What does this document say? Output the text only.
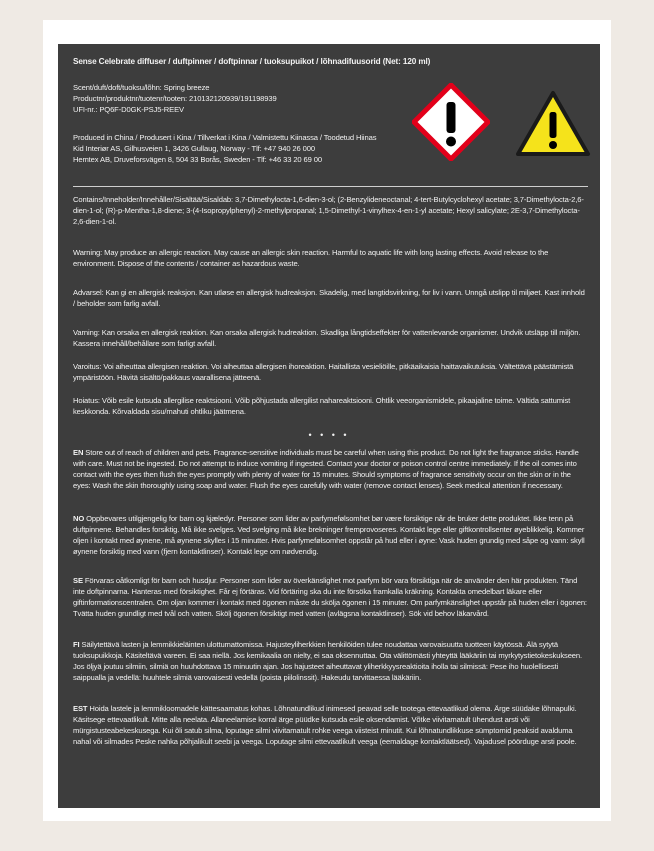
Sense Celebrate diffuser / duftpinner / doftpinnar / tuoksupuikot / lõhnadifuusorid (Net: 120 ml)

Scent/duft/doft/tuoksu/lõhn: Spring breeze
Productnr/produktnr/tuotenr/tooten: 210132120939/191198939
UFI-nr.: PQ6F-D0GK-PSJ5-REEV
Produced in China / Produsert i Kina / Tillverkat i Kina / Valmistettu Kiinassa / Toodetud Hiinas
Kid Interiør AS, Gilhusveien 1, 3426 Gullaug, Norway - Tlf: +47 940 26 000
Hemtex AB, Druveforsvägen 8, 504 33 Borås, Sweden - Tlf: +46 33 20 69 00

Contains/Inneholder/Innehåller/Sisältää/Sisaldab: 3,7-Dimethylocta-1,6-dien-3-ol; (2-Benzylideneoctanal; 4-tert-Butylcyclohexyl acetate; 3,7-Dimethylocta-2,6-dien-1-ol; (R)-p-Mentha-1,8-diene; 3-(4-Isopropylphenyl)-2-methylpropanal; 1,5-Dimethyl-1-vinylhex-4-en-1-yl acetate; Hexyl salicylate; 2E-3,7-Dimethylocta-2,6-dien-1-ol.

Warning: May produce an allergic reaction. May cause an allergic skin reaction. Harmful to aquatic life with long lasting effects. Avoid release to the environment. Dispose of the contents / container as hazardous waste.

Advarsel: Kan gi en allergisk reaksjon. Kan utløse en allergisk hudreaksjon. Skadelig, med langtidsvirkning, for liv i vann. Unngå utslipp til miljøet. Kast innhold / beholder som farlig avfall.

Varning: Kan orsaka en allergisk reaktion. Kan orsaka allergisk hudreaktion. Skadliga långtidseffekter för vattenlevande organismer. Undvik utsläpp till miljön. Kassera innehåll/behållare som farligt avfall.

Varoitus: Voi aiheuttaa allergisen reaktion. Voi aiheuttaa allergisen ihoreaktion. Haitallista vesieliöille, pitkäaikaisia haittavaikutuksia. Vältettävä päästämistä ympäristöön. Hävitä sisältö/pakkaus vaarallisena jätteenä.

Hoiatus: Võib esile kutsuda allergilise reaktsiooni. Võib põhjustada allergilist nahareaktsiooni. Ohtlik veeorganismidele, pikaajaline toime. Vältida sattumist keskkonda. Kõrvaldada sisu/mahuti ohtliku jäätmena.

• • • •

EN Store out of reach of children and pets. Fragrance-sensitive individuals must be careful when using this product. Do not light the fragrance sticks. Handle with care. Must not be ingested. Do not attempt to induce vomiting if ingested. Contact your doctor or poison control centre immediately. If the oil comes into contact with the eyes then flush the eyes promptly with plenty of water for 15 minutes. Should symptoms of fragrance sensitivity occur on the skin or in the eyes: Wash the skin thoroughly using soap and water. Flush the eyes carefully with water (remove contact lenses). Seek medical attention if necessary.

NO Oppbevares utilgjengelig for barn og kjæledyr. Personer som lider av parfymefølsomhet bør være forsiktige når de bruker dette produktet. Ikke tenn på duftpinnene. Behandles forsiktig. Må ikke svelges. Ved svelging må ikke brekninger fremprovoseres. Kontakt lege eller giftkontrollsenter øyeblikkelig. Kommer oljen i kontakt med øynene, må øynene skylles i 15 minutter. Hvis parfymefølsomhet oppstår på hud eller i øyne: Vask huden grundig med såpe og vann: skyll øynene forsiktig med vann (fjern kontaktlinser). Kontakt lege om nødvendig.

SE Förvaras oåtkomligt för barn och husdjur. Personer som lider av överkänslighet mot parfym bör vara försiktiga när de använder den här produkten. Tänd inte doftpinnarna. Hanteras med försiktighet. Får ej förtäras. Vid förtäring ska du inte försöka framkalla kräkning. Kontakta omedelbart läkare eller giftinformationscentralen. Om oljan kommer i kontakt med ögonen måste du skölja ögonen i 15 minuter. Om parfymkänslighet uppstår på huden eller i ögonen: Tvätta huden grundligt med tvål och vatten. Skölj ögonen försiktigt med vatten (avlägsna kontaktlinser). Sök vid behov läkarvård.

FI Säilytettävä lasten ja lemmikkieläinten ulottumattomissa. Hajusteyliherkkien henkilöiden tulee noudattaa varovaisuutta tuotteen käytössä. Älä sytytä tuoksupuikkoja. Käsiteltävä vareen. Ei saa niellä. Jos kemikaalia on nielty, ei saa oksennuttaa. Ota välittömästi yhteyttä lääkäriin tai myrkytystietokeskukseen. Jos öljyä joutuu silmiin, silmiä on huuhdottava 15 minuutin ajan. Jos hajusteet aiheuttavat yliherkkyysreaktioita iholla tai silmissä: Pese iho huolellisesti saippualla ja vedellä: huuhtele silmiä varovaisesti vedellä (poista piilolinssit). Hakeudu tarvittaessa lääkäriin.

EST Hoida lastele ja lemmikloomadele kättesaamatus kohas. Lõhnatundlikud inimesed peavad selle tootega ettevaatlikud olema. Ärge süüdake lõhnapulki. Käsitsege ettevaatlikult. Mitte alla neelata. Allaneelamise korral ärge püüdke kutsuda esile oksendamist. Võtke viivitamatult ühendust arsti või mürgistusteabekeskusega. Kui õli satub silma, loputage silmi viivitamatult rohke veega viisteist minutit. Kui lõhnatundlikkuse sümptomid peaksid avalduma nahal või silmades Peske nahka põhjalikult seebi ja veega. Loputage silmi ettevaatlikult veega (eemaldage kontaktläätsed). Vajadusel pöörduge arsti poole.
